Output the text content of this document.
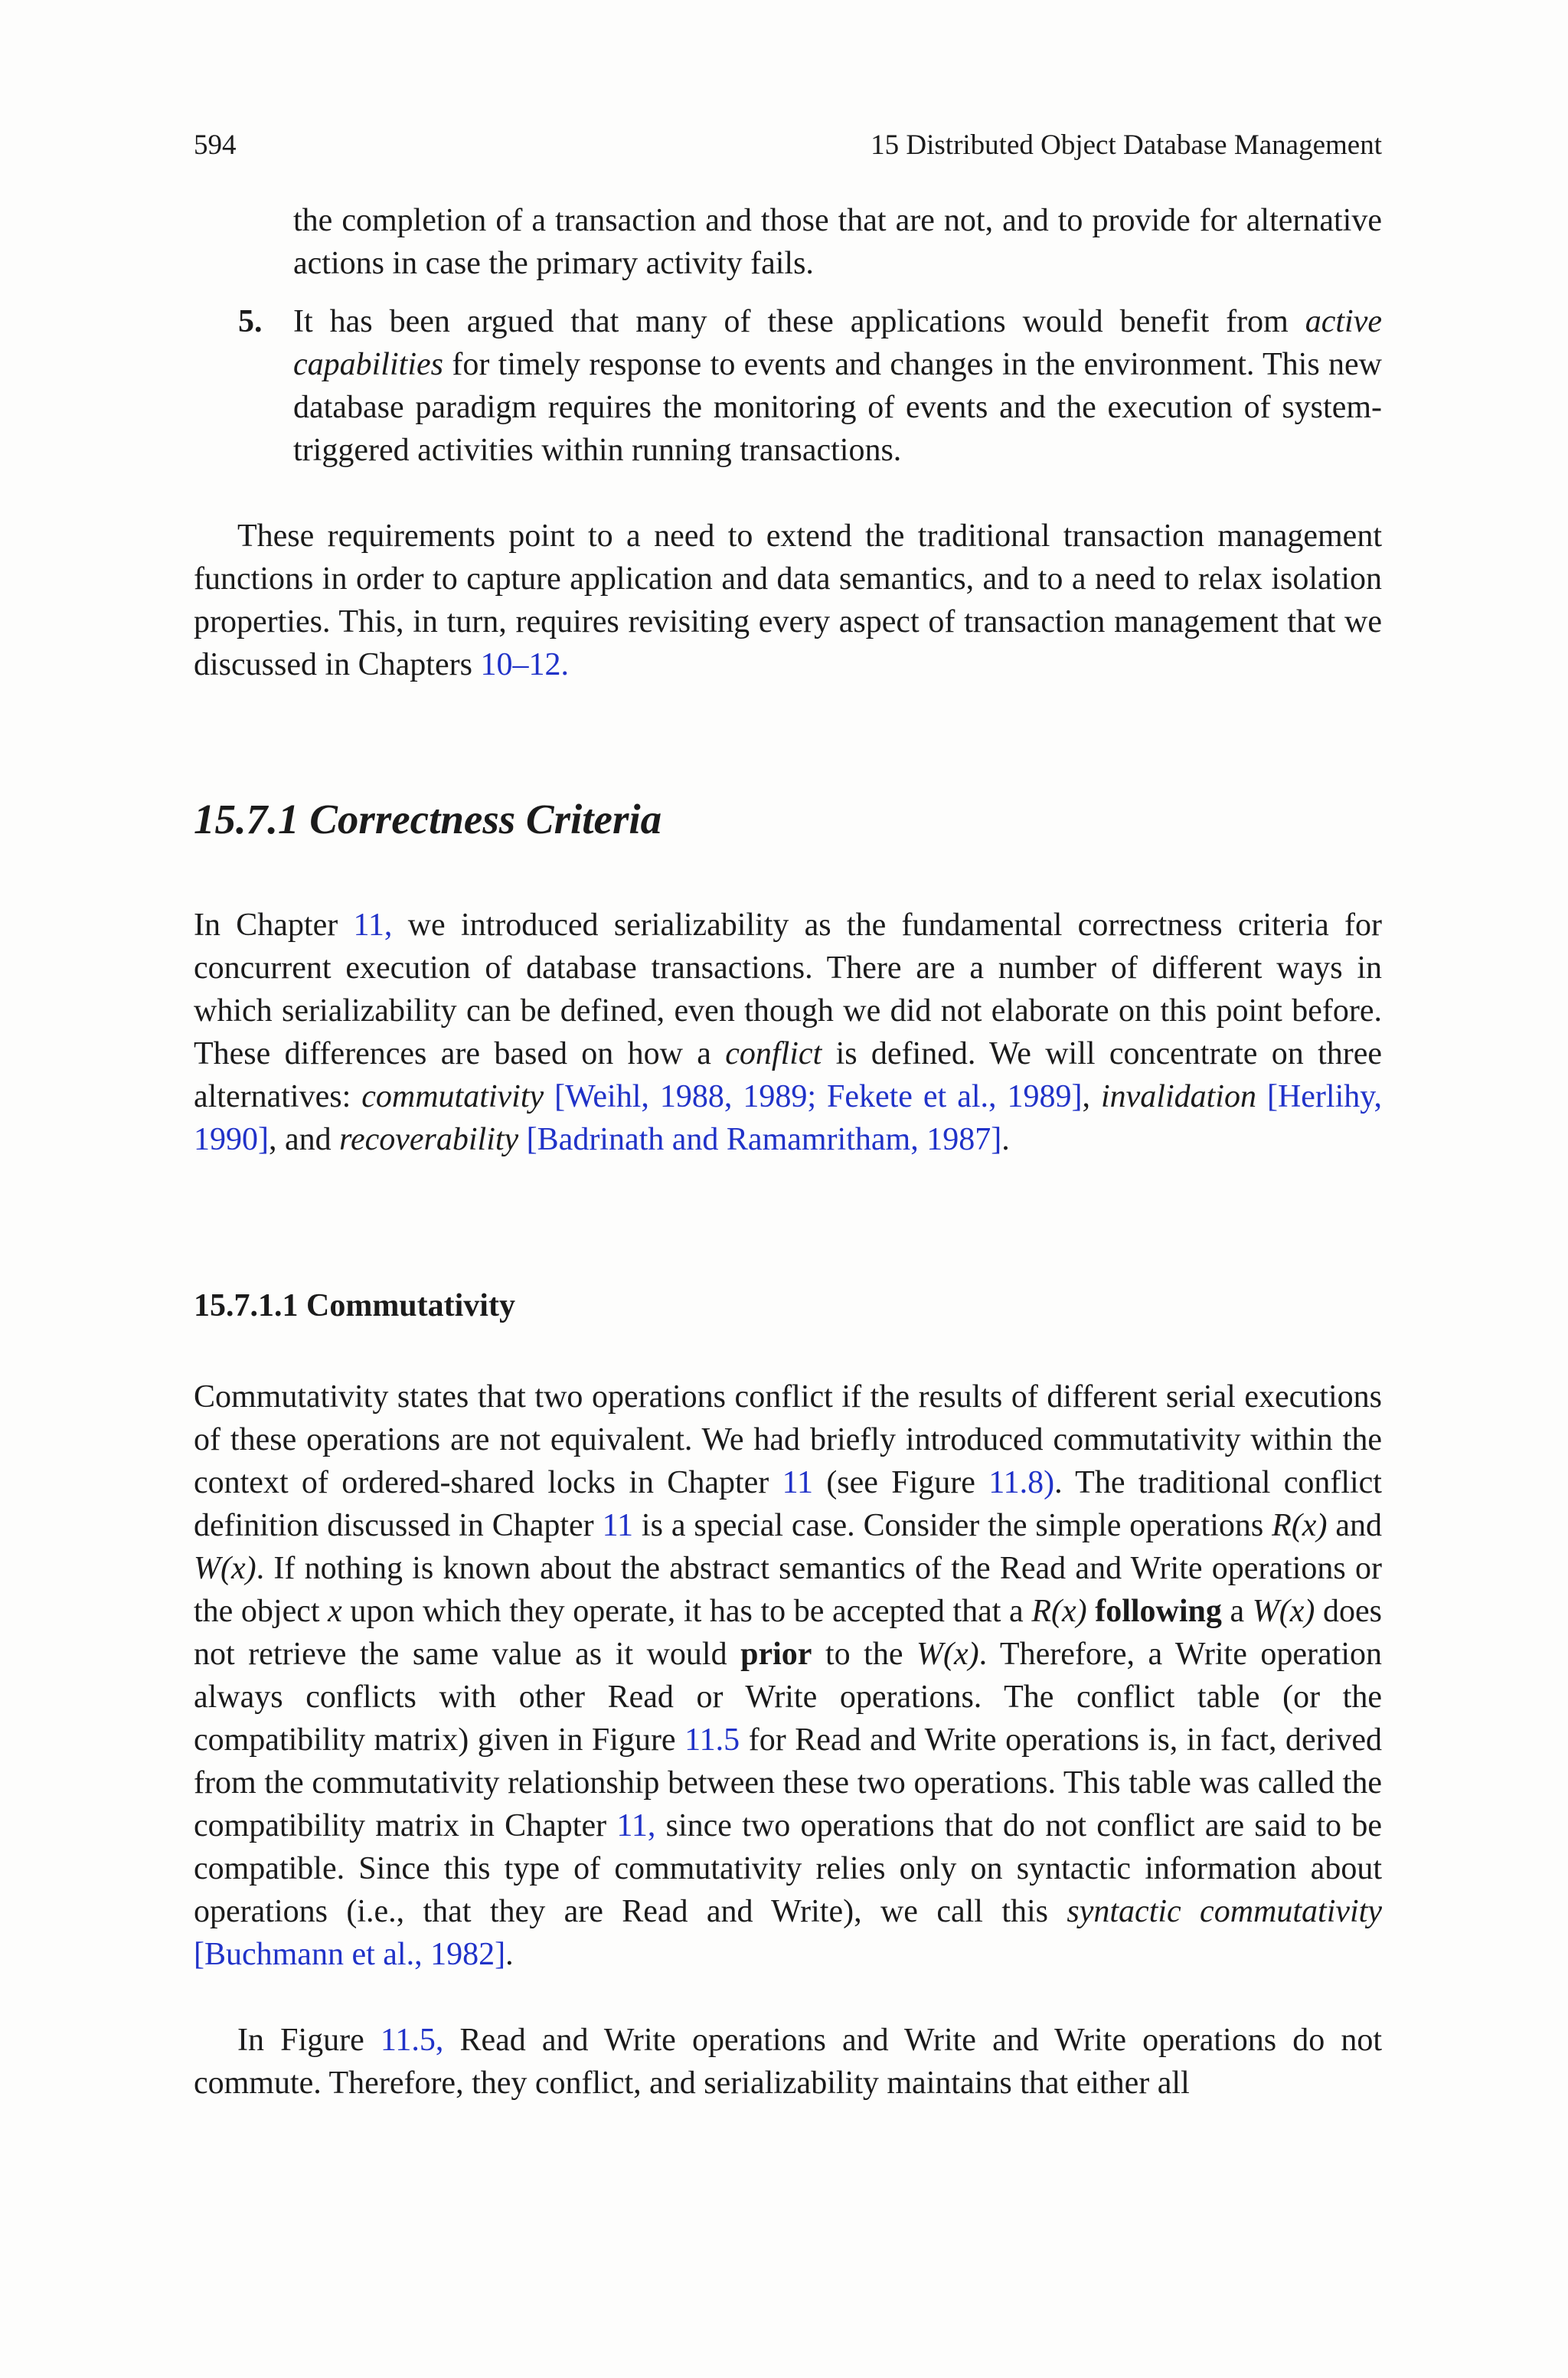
594	15 Distributed Object Database Management
the completion of a transaction and those that are not, and to provide for alternative actions in case the primary activity fails.
5. It has been argued that many of these applications would benefit from active capabilities for timely response to events and changes in the environment. This new database paradigm requires the monitoring of events and the execution of system-triggered activities within running transactions.
These requirements point to a need to extend the traditional transaction management functions in order to capture application and data semantics, and to a need to relax isolation properties. This, in turn, requires revisiting every aspect of transaction management that we discussed in Chapters 10–12.
15.7.1 Correctness Criteria
In Chapter 11, we introduced serializability as the fundamental correctness criteria for concurrent execution of database transactions. There are a number of different ways in which serializability can be defined, even though we did not elaborate on this point before. These differences are based on how a conflict is defined. We will concentrate on three alternatives: commutativity [Weihl, 1988, 1989; Fekete et al., 1989], invalidation [Herlihy, 1990], and recoverability [Badrinath and Ramamritham, 1987].
15.7.1.1 Commutativity
Commutativity states that two operations conflict if the results of different serial executions of these operations are not equivalent. We had briefly introduced commutativity within the context of ordered-shared locks in Chapter 11 (see Figure 11.8). The traditional conflict definition discussed in Chapter 11 is a special case. Consider the simple operations R(x) and W(x). If nothing is known about the abstract semantics of the Read and Write operations or the object x upon which they operate, it has to be accepted that a R(x) following a W(x) does not retrieve the same value as it would prior to the W(x). Therefore, a Write operation always conflicts with other Read or Write operations. The conflict table (or the compatibility matrix) given in Figure 11.5 for Read and Write operations is, in fact, derived from the commutativity relationship between these two operations. This table was called the compatibility matrix in Chapter 11, since two operations that do not conflict are said to be compatible. Since this type of commutativity relies only on syntactic information about operations (i.e., that they are Read and Write), we call this syntactic commutativity [Buchmann et al., 1982].
In Figure 11.5, Read and Write operations and Write and Write operations do not commute. Therefore, they conflict, and serializability maintains that either all
